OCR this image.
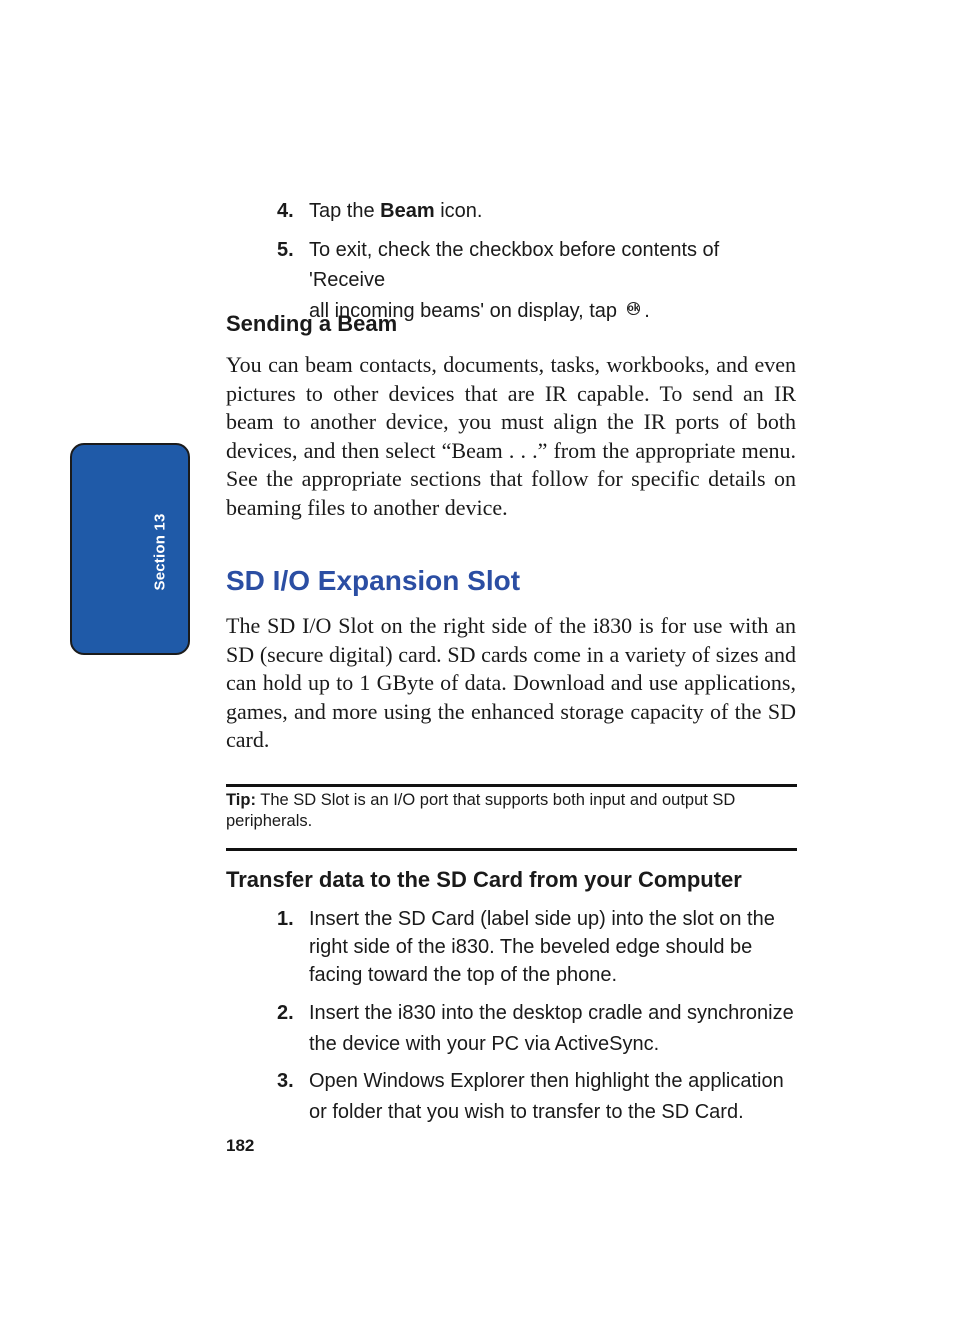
Section 13
4. Tap the Beam icon.
5. To exit, check the checkbox before contents of 'Receive
all incoming beams' on display, tap ok .
Sending a Beam

You can beam contacts, documents, tasks, workbooks, and even pictures to other devices that are IR capable. To send an IR beam to another device, you must align the IR ports of both devices, and then select “Beam . . .” from the appropriate menu. See the appropriate sections that follow for specific details on beaming files to another device.

SD I/O Expansion Slot

The SD I/O Slot on the right side of the i830 is for use with an SD (secure digital) card. SD cards come in a variety of sizes and can hold up to 1 GByte of data. Download and use applications, games, and more using the enhanced storage capacity of the SD card.

Tip: The SD Slot is an I/O port that supports both input and output SD peripherals.
Transfer data to the SD Card from your Computer
1. Insert the SD Card (label side up) into the slot on the right side of the i830. The beveled edge should be facing toward the top of the phone.
2. Insert the i830 into the desktop cradle and synchronize the device with your PC via ActiveSync.
3. Open Windows Explorer then highlight the application or folder that you wish to transfer to the SD Card.
182
